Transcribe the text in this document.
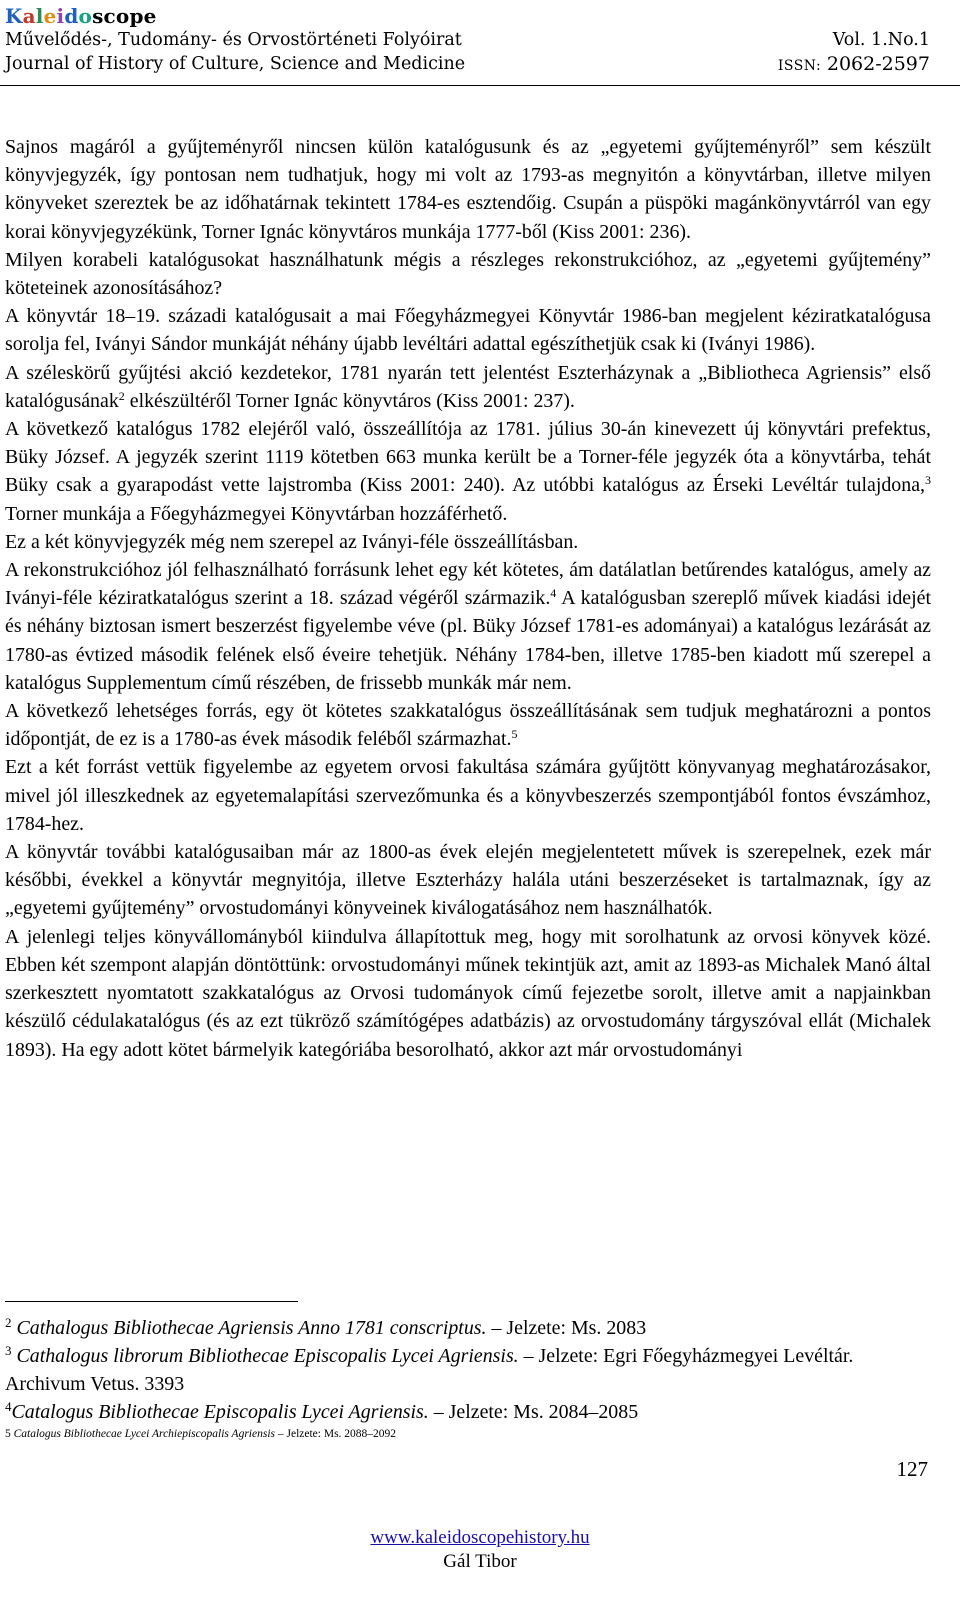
Kaleidoscope
Művelődés-, Tudomány- és Orvostörténeti Folyóirat	Vol. 1.No.1
Journal of History of Culture, Science and Medicine	ISSN: 2062-2597

Sajnos magáról a gyűjteményről nincsen külön katalógusunk és az „egyetemi gyűjteményről” sem készült könyvjegyzék, így pontosan nem tudhatjuk, hogy mi volt az 1793-as megnyitón a könyvtárban, illetve milyen könyveket szereztek be az időhatárnak tekintett 1784-es esztendőig. Csupán a püspöki magánkönyvtárról van egy korai könyvjegyzékünk, Torner Ignác könyvtáros munkája 1777-ből (Kiss 2001: 236).

Milyen korabeli katalógusokat használhatunk mégis a részleges rekonstrukcióhoz, az „egyetemi gyűjtemény” köteteinek azonosításához?

A könyvtár 18–19. századi katalógusait a mai Főegyházmegyei Könyvtár 1986-ban megjelent kéziratkatalógusa sorolja fel, Iványi Sándor munkáját néhány újabb levéltári adattal egészíthetjük csak ki (Iványi 1986).

A széleskörű gyűjtési akció kezdetekor, 1781 nyarán tett jelentést Eszterházynak a „Bibliotheca Agriensis” első katalógusának$^2$ elkészültéről Torner Ignác könyvtáros (Kiss 2001: 237).

A következő katalógus 1782 elejéről való, összeállítója az 1781. július 30-án kinevezett új könyvtári prefektus, Büky József. A jegyzék szerint 1119 kötetben 663 munka került be a Torner-féle jegyzék óta a könyvtárba, tehát Büky csak a gyarapodást vette lajstromba (Kiss 2001: 240). Az utóbbi katalógus az Érseki Levéltár tulajdona,$^3$ Torner munkája a Főegyházmegyei Könyvtárban hozzáférhető.

Ez a két könyvjegyzék még nem szerepel az Iványi-féle összeállításban.

A rekonstrukcióhoz jól felhasználható forrásunk lehet egy két kötetes, ám datálatlan betűrendes katalógus, amely az Iványi-féle kéziratkatalógus szerint a 18. század végéről származik.$^4$ A katalógusban szereplő művek kiadási idejét és néhány biztosan ismert beszerzést figyelembe véve (pl. Büky József 1781-es adományai) a katalógus lezárását az 1780-as évtized második felének első éveire tehetjük. Néhány 1784-ben, illetve 1785-ben kiadott mű szerepel a katalógus Supplementum című részében, de frissebb munkák már nem.

A következő lehetséges forrás, egy öt kötetes szakkatalógus összeállításának sem tudjuk meghatározni a pontos időpontját, de ez is a 1780-as évek második feléből származhat.$^5$

Ezt a két forrást vettük figyelembe az egyetem orvosi fakultása számára gyűjtött könyvanyag meghatározásakor, mivel jól illeszkednek az egyetemalapítási szervezőmunka és a könyvbeszerzés szempontjából fontos évszámhoz, 1784-hez.

A könyvtár további katalógusaiban már az 1800-as évek elején megjelentetett művek is szerepelnek, ezek már későbbi, évekkel a könyvtár megnyitója, illetve Eszterházy halála utáni beszerzéseket is tartalmaznak, így az „egyetemi gyűjtemény” orvostudományi könyveinek kiválogatásához nem használhatók.

A jelenlegi teljes könyvállományból kiindulva állapítottuk meg, hogy mit sorolhatunk az orvosi könyvek közé. Ebben két szempont alapján döntöttünk: orvostudományi műnek tekintjük azt, amit az 1893-as Michalek Manó által szerkesztett nyomtatott szakkatalógus az Orvosi tudományok című fejezetbe sorolt, illetve amit a napjainkban készülő cédulakatalógus (és az ezt tükröző számítógépes adatbázis) az orvostudomány tárgyszóval ellát (Michalek 1893). Ha egy adott kötet bármelyik kategóriába besorolható, akkor azt már orvostudományi

$^2$ Cathalogus Bibliothecae Agriensis Anno 1781 conscriptus. – Jelzete: Ms. 2083

$^3$ Cathalogus librorum Bibliothecae Episcopalis Lycei Agriensis. – Jelzete: Egri Főegyházmegyei Levéltár. Archivum Vetus. 3393

$^4$Catalogus Bibliothecae Episcopalis Lycei Agriensis. – Jelzete: Ms. 2084–2085

5 Catalogus Bibliothecae Lycei Archiepiscopalis Agriensis – Jelzete: Ms. 2088–2092

127
www.kaleidoscopehistory.hu
Gál Tibor
